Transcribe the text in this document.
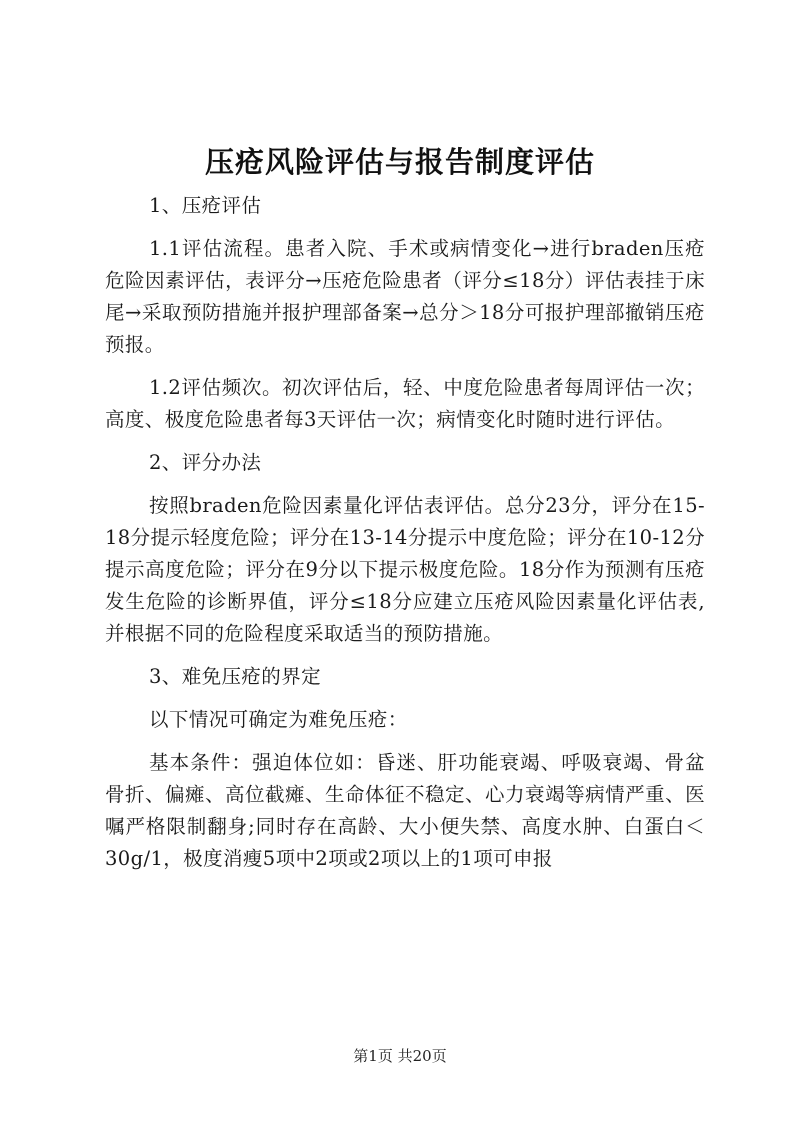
压疮风险评估与报告制度评估

1、压疮评估

1.1评估流程。患者入院、手术或病情变化→进行braden压疮危险因素评估，表评分→压疮危险患者（评分≤18分）评估表挂于床尾→采取预防措施并报护理部备案→总分＞18分可报护理部撤销压疮预报。

1.2评估频次。初次评估后，轻、中度危险患者每周评估一次；高度、极度危险患者每3天评估一次；病情变化时随时进行评估。

2、评分办法

按照braden危险因素量化评估表评估。总分23分，评分在15-18分提示轻度危险；评分在13-14分提示中度危险；评分在10-12分提示高度危险；评分在9分以下提示极度危险。18分作为预测有压疮发生危险的诊断界值，评分≤18分应建立压疮风险因素量化评估表,并根据不同的危险程度采取适当的预防措施。

3、难免压疮的界定

以下情况可确定为难免压疮：

基本条件：强迫体位如：昏迷、肝功能衰竭、呼吸衰竭、骨盆骨折、偏瘫、高位截瘫、生命体征不稳定、心力衰竭等病情严重、医嘱严格限制翻身;同时存在高龄、大小便失禁、高度水肿、白蛋白＜30g/1，极度消瘦5项中2项或2项以上的1项可申报

第1页 共20页
